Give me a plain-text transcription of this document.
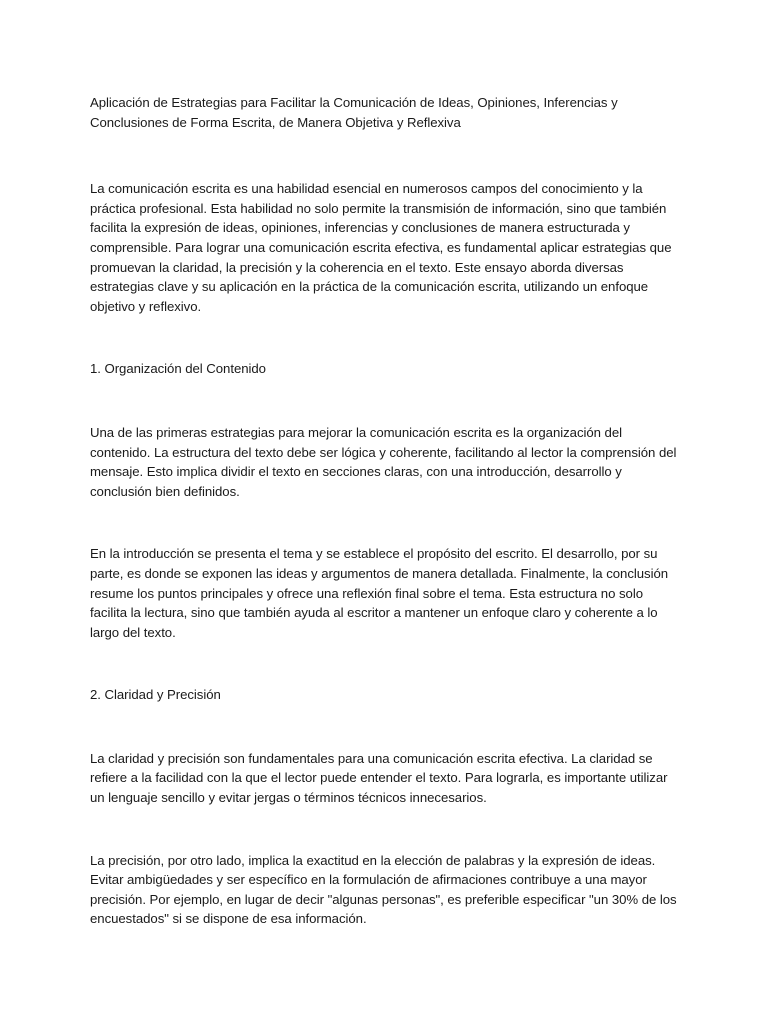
Aplicación de Estrategias para Facilitar la Comunicación de Ideas, Opiniones, Inferencias y Conclusiones de Forma Escrita, de Manera Objetiva y Reflexiva

La comunicación escrita es una habilidad esencial en numerosos campos del conocimiento y la práctica profesional. Esta habilidad no solo permite la transmisión de información, sino que también facilita la expresión de ideas, opiniones, inferencias y conclusiones de manera estructurada y comprensible. Para lograr una comunicación escrita efectiva, es fundamental aplicar estrategias que promuevan la claridad, la precisión y la coherencia en el texto. Este ensayo aborda diversas estrategias clave y su aplicación en la práctica de la comunicación escrita, utilizando un enfoque objetivo y reflexivo.

1. Organización del Contenido

Una de las primeras estrategias para mejorar la comunicación escrita es la organización del contenido. La estructura del texto debe ser lógica y coherente, facilitando al lector la comprensión del mensaje. Esto implica dividir el texto en secciones claras, con una introducción, desarrollo y conclusión bien definidos.

En la introducción se presenta el tema y se establece el propósito del escrito. El desarrollo, por su parte, es donde se exponen las ideas y argumentos de manera detallada. Finalmente, la conclusión resume los puntos principales y ofrece una reflexión final sobre el tema. Esta estructura no solo facilita la lectura, sino que también ayuda al escritor a mantener un enfoque claro y coherente a lo largo del texto.

2. Claridad y Precisión

La claridad y precisión son fundamentales para una comunicación escrita efectiva. La claridad se refiere a la facilidad con la que el lector puede entender el texto. Para lograrla, es importante utilizar un lenguaje sencillo y evitar jergas o términos técnicos innecesarios.

La precisión, por otro lado, implica la exactitud en la elección de palabras y la expresión de ideas. Evitar ambigüedades y ser específico en la formulación de afirmaciones contribuye a una mayor precisión. Por ejemplo, en lugar de decir "algunas personas", es preferible especificar "un 30% de los encuestados" si se dispone de esa información.
